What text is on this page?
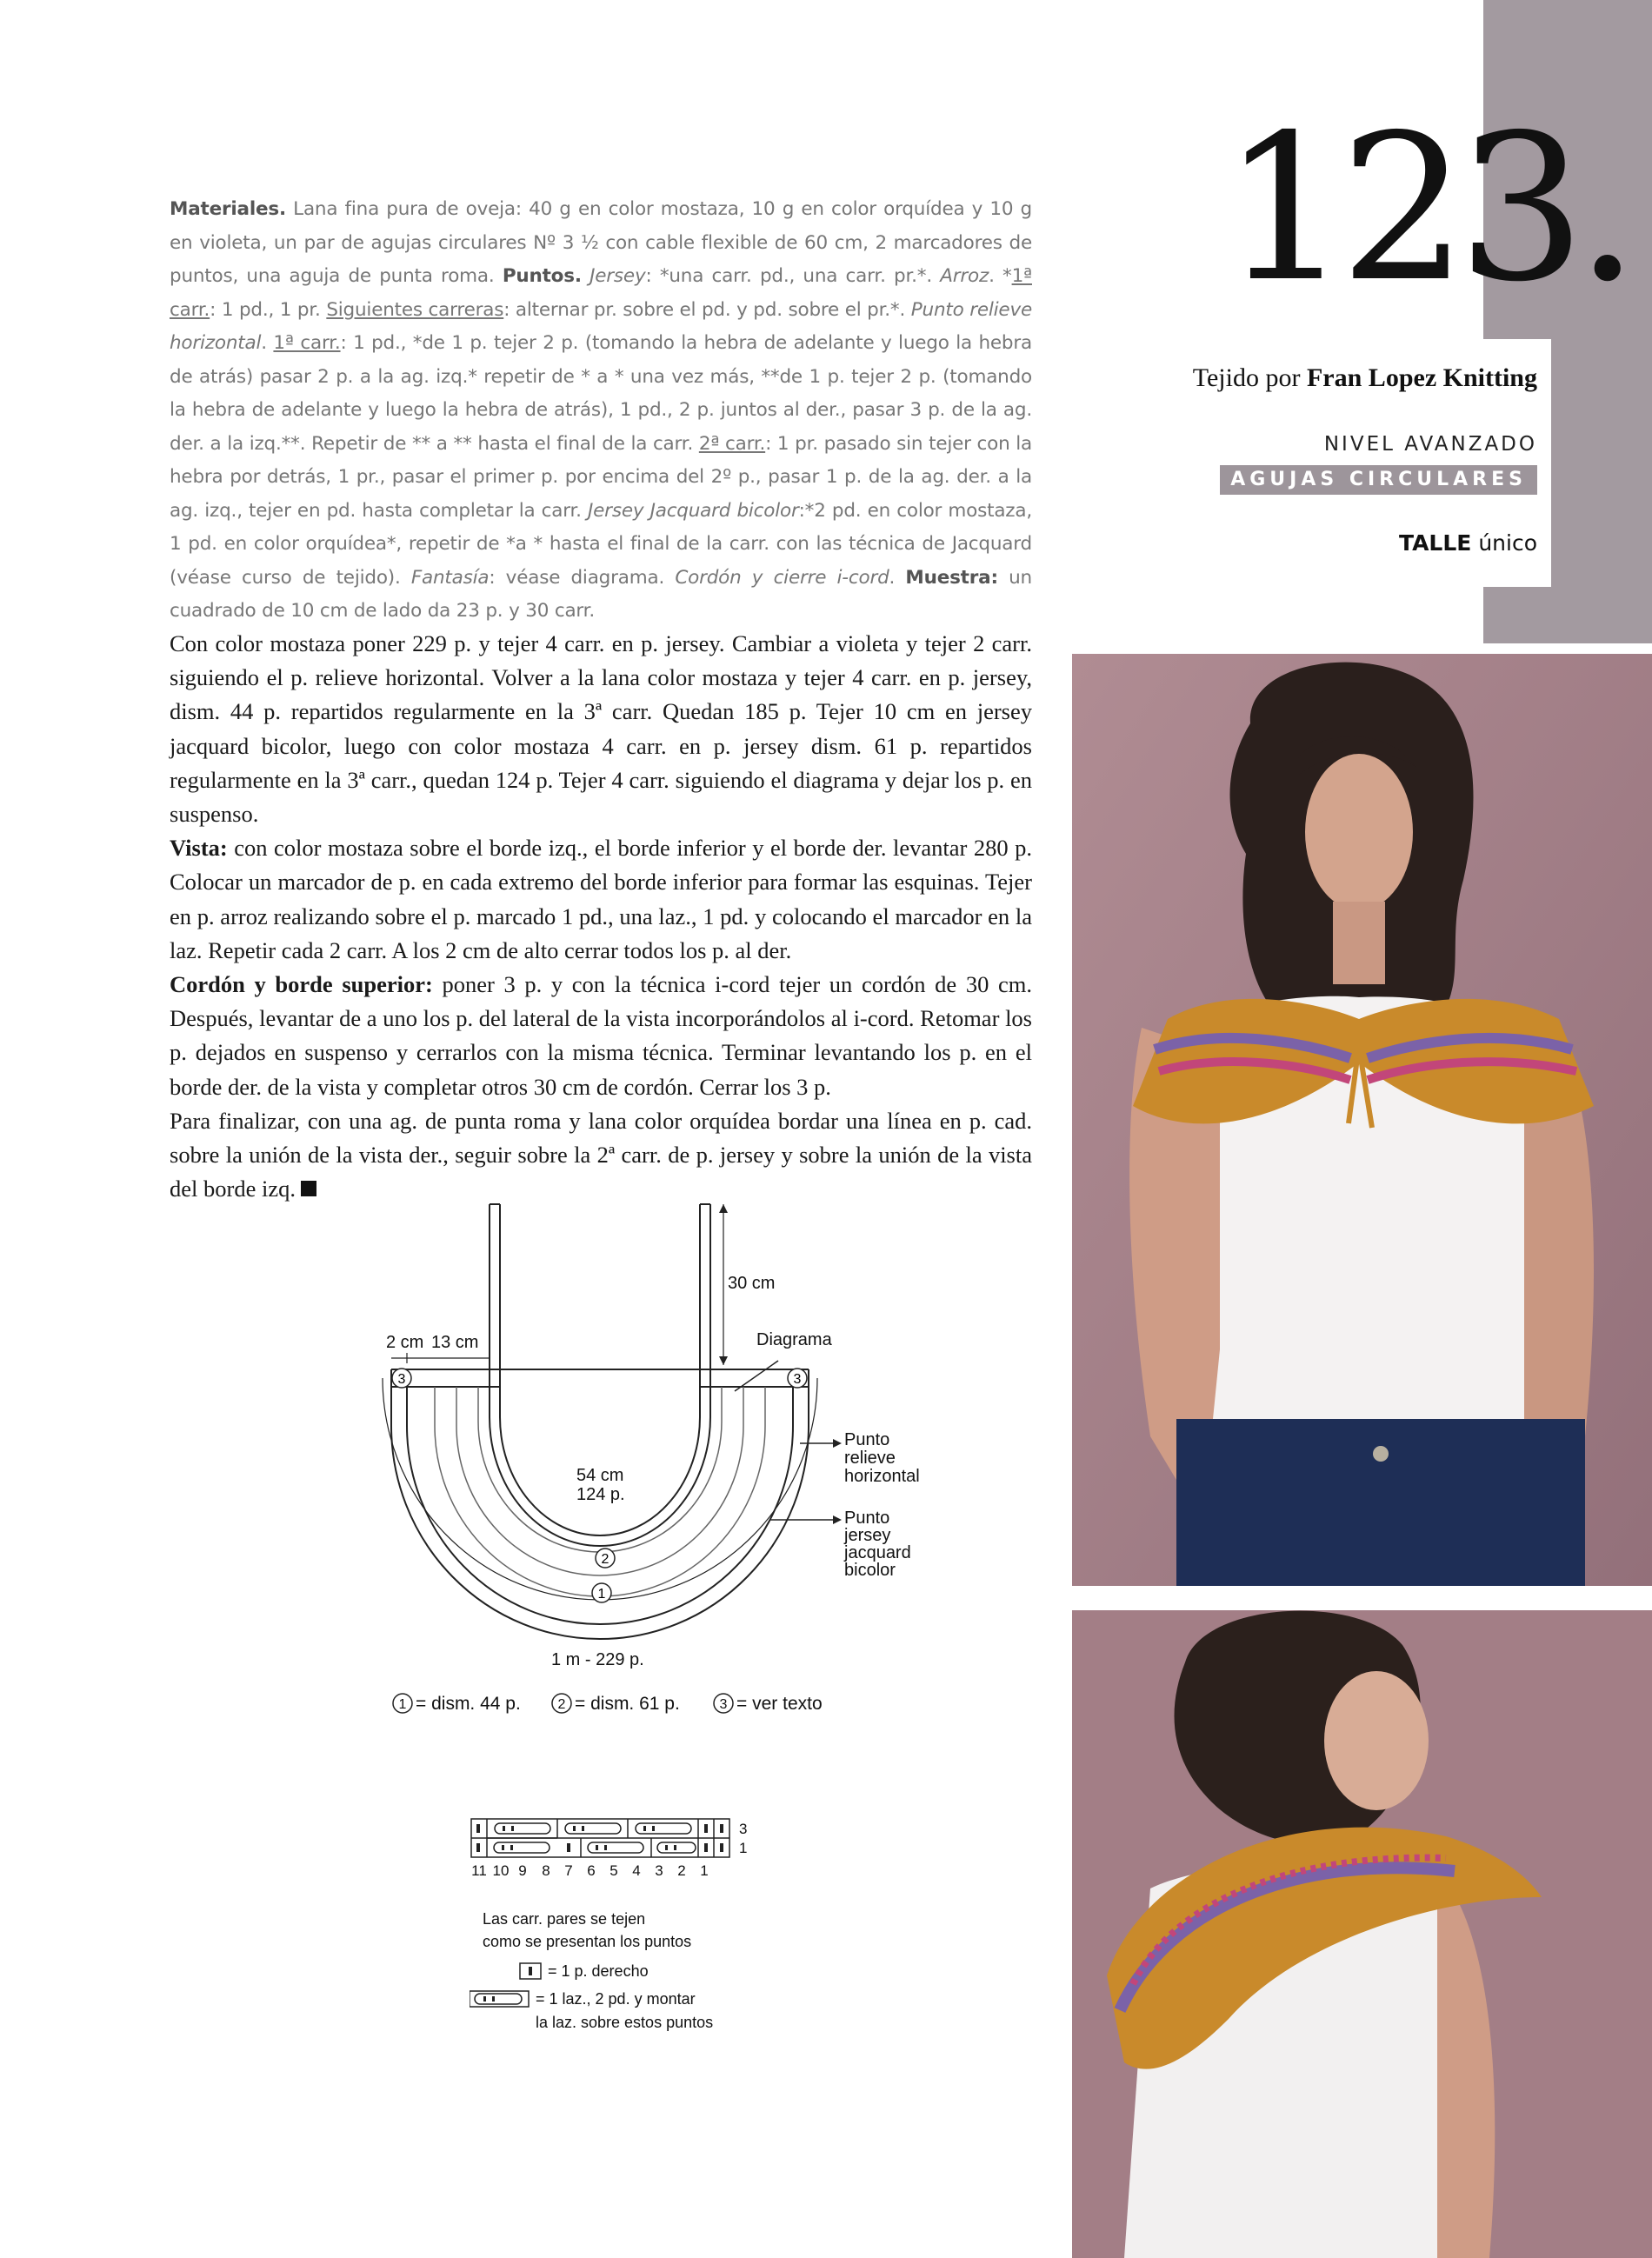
123.
Tejido por Fran Lopez Knitting
NIVEL AVANZADO
AGUJAS CIRCULARES
TALLE único
Materiales. Lana fina pura de oveja: 40 g en color mostaza, 10 g en color orquídea y 10 g en violeta, un par de agujas circulares Nº 3 ½ con cable flexible de 60 cm, 2 marcadores de puntos, una aguja de punta roma. Puntos. Jersey: *una carr. pd., una carr. pr.*. Arroz. *1ª carr.: 1 pd., 1 pr. Siguientes carreras: alternar pr. sobre el pd. y pd. sobre el pr.*. Punto relieve horizontal. 1ª carr.: 1 pd., *de 1 p. tejer 2 p. (tomando la hebra de adelante y luego la hebra de atrás) pasar 2 p. a la ag. izq.* repetir de * a * una vez más, **de 1 p. tejer 2 p. (tomando la hebra de adelante y luego la hebra de atrás), 1 pd., 2 p. juntos al der., pasar 3 p. de la ag. der. a la izq.**. Repetir de ** a ** hasta el final de la carr. 2ª carr.: 1 pr. pasado sin tejer con la hebra por detrás, 1 pr., pasar el primer p. por encima del 2º p., pasar 1 p. de la ag. der. a la ag. izq., tejer en pd. hasta completar la carr. Jersey Jacquard bicolor:*2 pd. en color mostaza, 1 pd. en color orquídea*, repetir de *a * hasta el final de la carr. con las técnica de Jacquard (véase curso de tejido). Fantasía: véase diagrama. Cordón y cierre i-cord. Muestra: un cuadrado de 10 cm de lado da 23 p. y 30 carr.

Con color mostaza poner 229 p. y tejer 4 carr. en p. jersey. Cambiar a violeta y tejer 2 carr. siguiendo el p. relieve horizontal. Volver a la lana color mostaza y tejer 4 carr. en p. jersey, dism. 44 p. repartidos regularmente en la 3ª carr. Quedan 185 p. Tejer 10 cm en jersey jacquard bicolor, luego con color mostaza 4 carr. en p. jersey dism. 61 p. repartidos regularmente en la 3ª carr., quedan 124 p. Tejer 4 carr. siguiendo el diagrama y dejar los p. en suspenso.

Vista: con color mostaza sobre el borde izq., el borde inferior y el borde der. levantar 280 p. Colocar un marcador de p. en cada extremo del borde inferior para formar las esquinas. Tejer en p. arroz realizando sobre el p. marcado 1 pd., una laz., 1 pd. y colocando el marcador en la laz. Repetir cada 2 carr. A los 2 cm de alto cerrar todos los p. al der.

Cordón y borde superior: poner 3 p. y con la técnica i-cord tejer un cordón de 30 cm. Después, levantar de a uno los p. del lateral de la vista incorporándolos al i-cord. Retomar los p. dejados en suspenso y cerrarlos con la misma técnica. Terminar levantando los p. en el borde der. de la vista y completar otros 30 cm de cordón. Cerrar los 3 p.

Para finalizar, con una ag. de punta roma y lana color orquídea bordar una línea en p. cad. sobre la unión de la vista der., seguir sobre la 2ª carr. de p. jersey y sobre la unión de la vista del borde izq.

3	3
2
1
30 cm
2 cm 13 cm	Diagrama
54 cm
124 p.
Punto
relieve
horizontal
Punto
jersey
jacquard
bicolor
1 m - 229 p.
1 = dism. 44 p.	2 = dism. 61 p.	3 = ver texto
3
1
11 10 9 8 7 6 5 4 3 2 1
Las carr. pares se tejen
como se presentan los puntos
= 1 p. derecho
= 1 laz., 2 pd. y montar
la laz. sobre estos puntos
